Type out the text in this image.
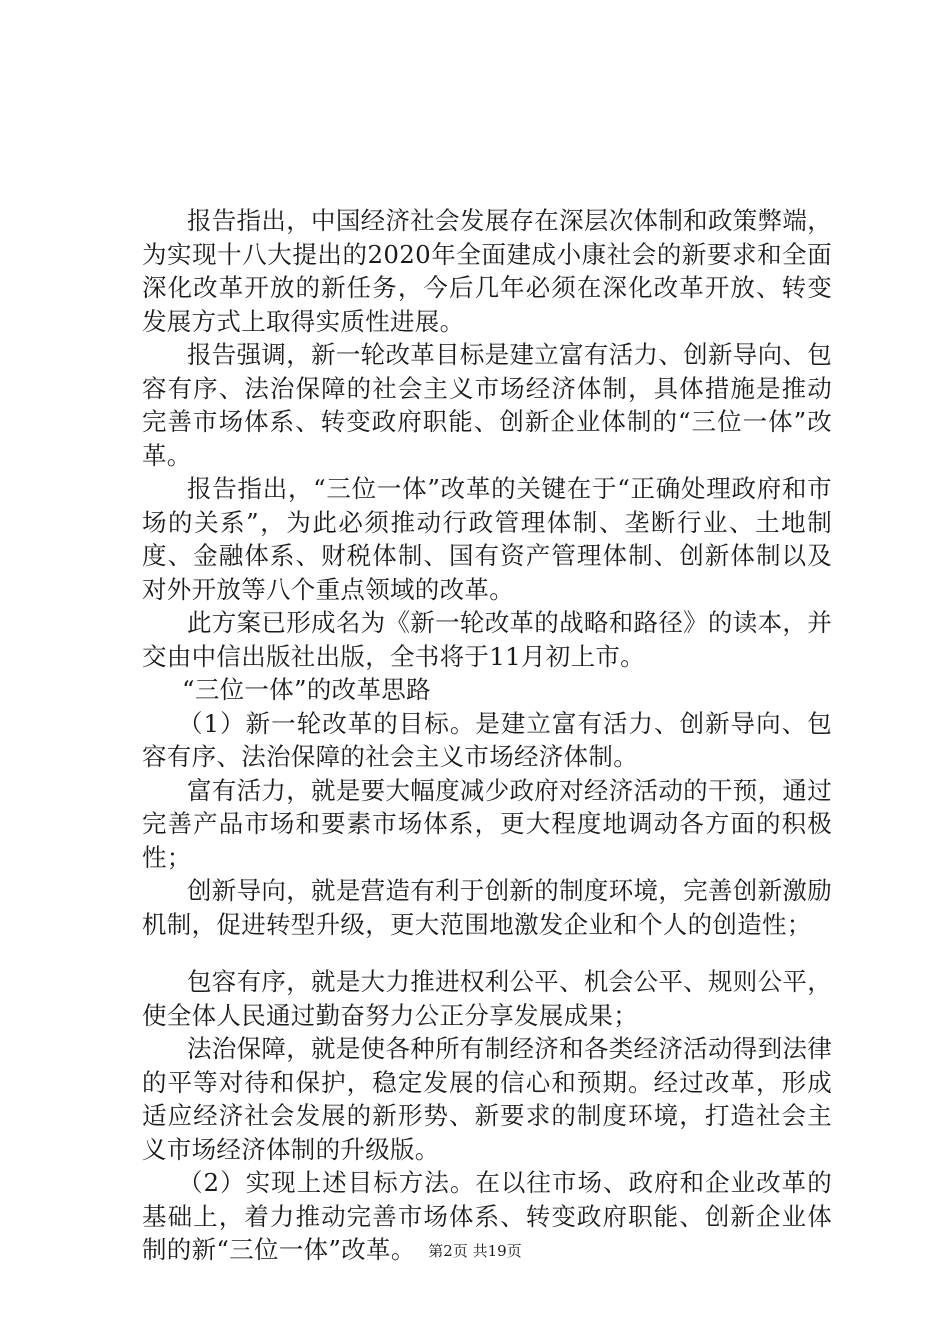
报告指出，中国经济社会发展存在深层次体制和政策弊端，为实现十八大提出的2020年全面建成小康社会的新要求和全面深化改革开放的新任务，今后几年必须在深化改革开放、转变发展方式上取得实质性进展。

报告强调，新一轮改革目标是建立富有活力、创新导向、包容有序、法治保障的社会主义市场经济体制，具体措施是推动完善市场体系、转变政府职能、创新企业体制的“三位一体”改革。

报告指出，“三位一体”改革的关键在于“正确处理政府和市场的关系”，为此必须推动行政管理体制、垄断行业、土地制度、金融体系、财税体制、国有资产管理体制、创新体制以及对外开放等八个重点领域的改革。

此方案已形成名为《新一轮改革的战略和路径》的读本，并交由中信出版社出版，全书将于11月初上市。

“三位一体”的改革思路

（1）新一轮改革的目标。是建立富有活力、创新导向、包容有序、法治保障的社会主义市场经济体制。

富有活力，就是要大幅度减少政府对经济活动的干预，通过完善产品市场和要素市场体系，更大程度地调动各方面的积极性；

创新导向，就是营造有利于创新的制度环境，完善创新激励机制，促进转型升级，更大范围地激发企业和个人的创造性；

包容有序，就是大力推进权利公平、机会公平、规则公平，使全体人民通过勤奋努力公正分享发展成果；

法治保障，就是使各种所有制经济和各类经济活动得到法律的平等对待和保护，稳定发展的信心和预期。经过改革，形成适应经济社会发展的新形势、新要求的制度环境，打造社会主义市场经济体制的升级版。

（2）实现上述目标方法。在以往市场、政府和企业改革的基础上，着力推动完善市场体系、转变政府职能、创新企业体制的新“三位一体”改革。 第2页 共19页
